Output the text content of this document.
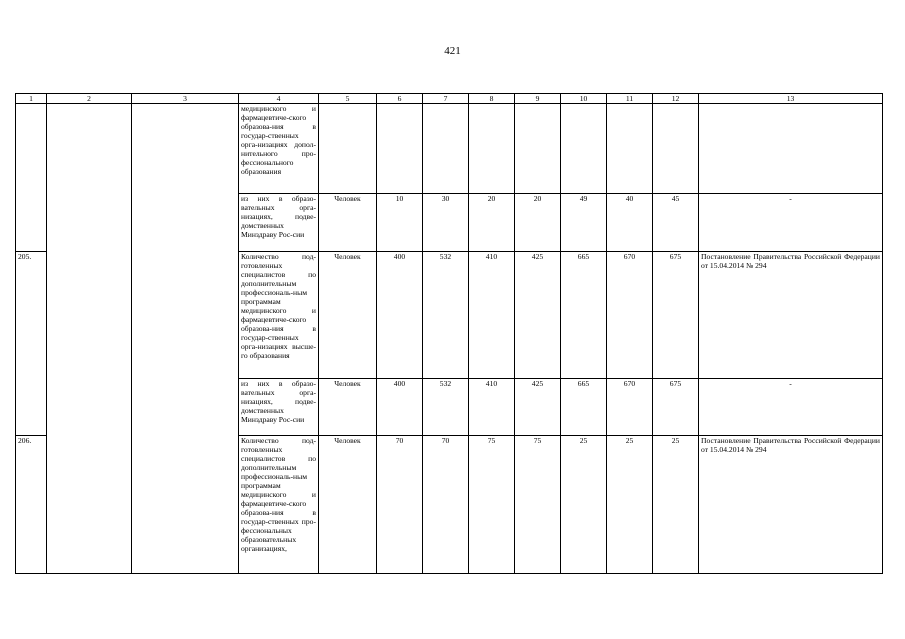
421
1	2	3	4	5	6	7	8	9	10	11	12	13
			медицинского и фармацевтиче-ского образова-ния в государ-ственных орга-низациях допол-нительного про-фессионального образования									
			из них в образо-вательных орга-низациях, подве-домственных Минздраву Рос-сии	Человек	10	30	20	20	49	40	45	-
205.			Количество под-готовленных специалистов по дополнительным профессиональ-ным программам медицинского и фармацевтиче-ского образова-ния в государ-ственных орга-низациях высше-го образования	Человек	400	532	410	425	665	670	675	Постановление Правительства Российской Федерации от 15.04.2014 № 294
			из них в образо-вательных орга-низациях, подве-домственных Минздраву Рос-сии	Человек	400	532	410	425	665	670	675	-
206.			Количество под-готовленных специалистов по дополнительным профессиональ-ным программам медицинского и фармацевтиче-ского образова-ния в государ-ственных про-фессиональных образовательных организациях,	Человек	70	70	75	75	25	25	25	Постановление Правительства Российской Федерации от 15.04.2014 № 294
